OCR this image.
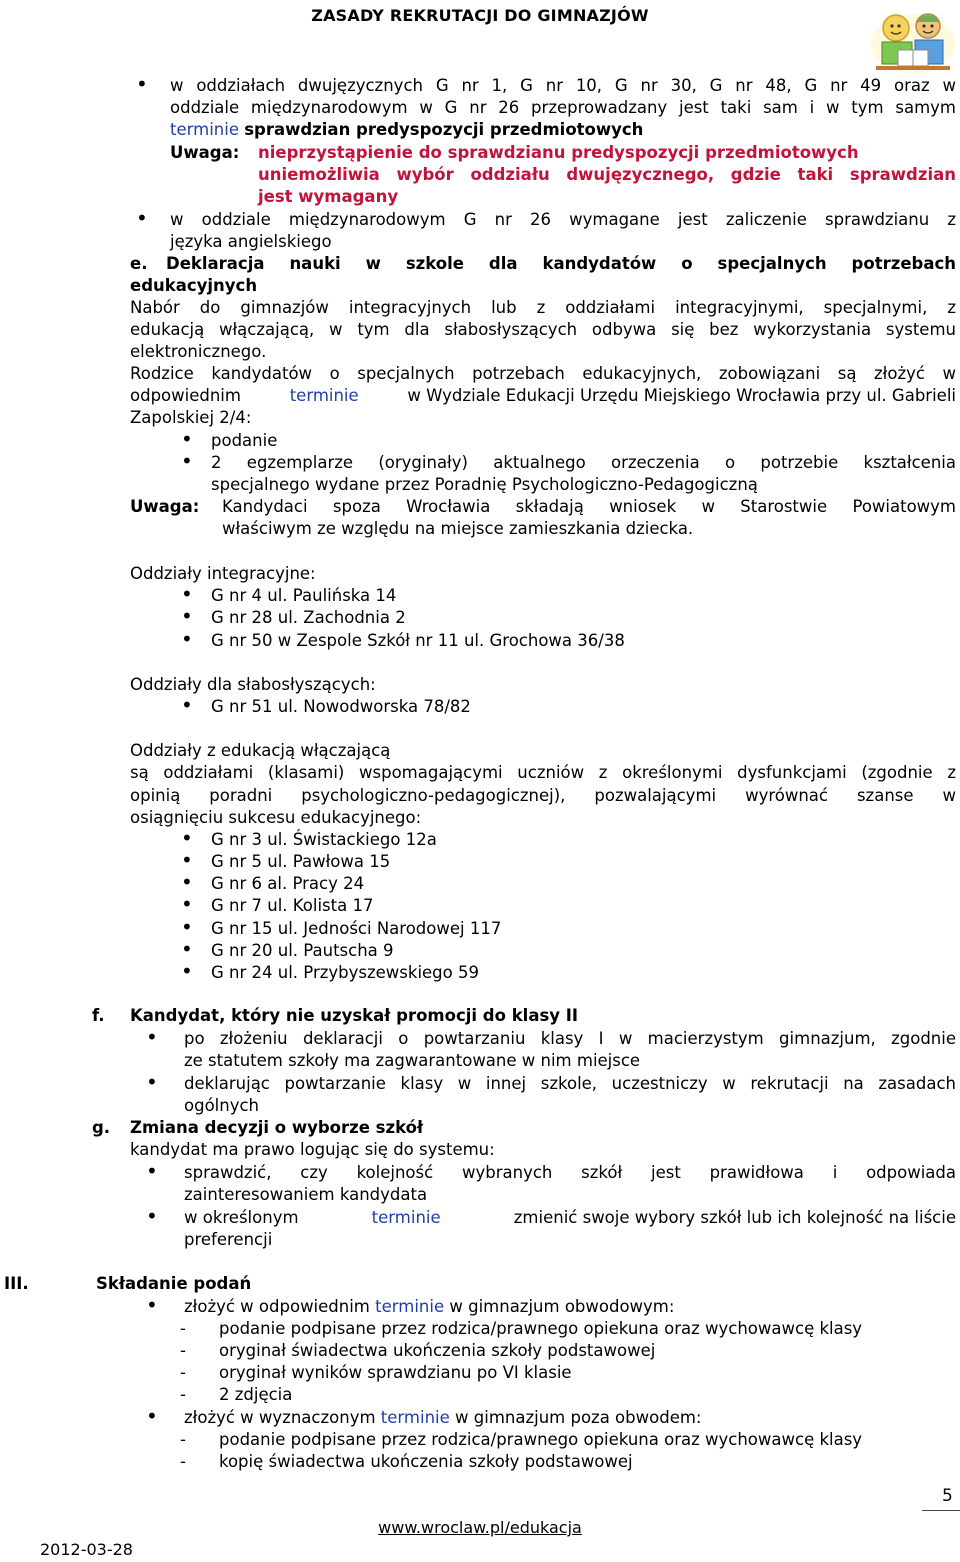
ZASADY REKRUTACJI DO GIMNAZJÓW
• w oddziałach dwujęzycznych G nr 1, G nr 10, G nr 30, G nr 48, G nr 49 oraz w
oddziale międzynarodowym w G nr 26 przeprowadzany jest taki sam i w tym samym
terminie sprawdzian predyspozycji przedmiotowych
Uwaga: nieprzystąpienie do sprawdzianu predyspozycji przedmiotowych
uniemożliwia wybór oddziału dwujęzycznego, gdzie taki sprawdzian
jest wymagany
• w oddziale międzynarodowym G nr 26 wymagane jest zaliczenie sprawdzianu z
języka angielskiego
e. Deklaracja nauki w szkole dla kandydatów o specjalnych potrzebach
edukacyjnych
Nabór do gimnazjów integracyjnych lub z oddziałami integracyjnymi, specjalnymi, z
edukacją włączającą, w tym dla słabosłyszących odbywa się bez wykorzystania systemu
elektronicznego.
Rodzice kandydatów o specjalnych potrzebach edukacyjnych, zobowiązani są złożyć w
odpowiednim	terminie	w Wydziale Edukacji Urzędu Miejskiego Wrocławia przy ul. Gabrieli
Zapolskiej 2/4:
• podanie
• 2 egzemplarze (oryginały) aktualnego orzeczenia o potrzebie kształcenia
specjalnego wydane przez Poradnię Psychologiczno-Pedagogiczną
Uwaga: Kandydaci spoza Wrocławia składają wniosek w Starostwie Powiatowym
właściwym ze względu na miejsce zamieszkania dziecka.
Oddziały integracyjne:
• G nr 4 ul. Paulińska 14
• G nr 28 ul. Zachodnia 2
• G nr 50 w Zespole Szkół nr 11 ul. Grochowa 36/38
Oddziały dla słabosłyszących:
• G nr 51 ul. Nowodworska 78/82
Oddziały z edukacją włączającą
są oddziałami (klasami) wspomagającymi uczniów z określonymi dysfunkcjami (zgodnie z
opinią poradni psychologiczno-pedagogicznej), pozwalającymi wyrównać szanse w
osiągnięciu sukcesu edukacyjnego:
• G nr 3 ul. Świstackiego 12a
• G nr 5 ul. Pawłowa 15
• G nr 6 al. Pracy 24
• G nr 7 ul. Kolista 17
• G nr 15 ul. Jedności Narodowej 117
• G nr 20 ul. Pautscha 9
• G nr 24 ul. Przybyszewskiego 59
f. Kandydat, który nie uzyskał promocji do klasy II
• po złożeniu deklaracji o powtarzaniu klasy I w macierzystym gimnazjum, zgodnie
ze statutem szkoły ma zagwarantowane w nim miejsce
• deklarując powtarzanie klasy w innej szkole, uczestniczy w rekrutacji na zasadach
ogólnych
g. Zmiana decyzji o wyborze szkół
kandydat ma prawo logując się do systemu:
• sprawdzić, czy kolejność wybranych szkół jest prawidłowa i odpowiada
zainteresowaniem kandydata
• w określonym	terminie	zmienić swoje wybory szkół lub ich kolejność na liście
preferencji
III.	Składanie podań
• złożyć w odpowiednim terminie w gimnazjum obwodowym:
- podanie podpisane przez rodzica/prawnego opiekuna oraz wychowawcę klasy
- oryginał świadectwa ukończenia szkoły podstawowej
- oryginał wyników sprawdzianu po VI klasie
- 2 zdjęcia
• złożyć w wyznaczonym terminie w gimnazjum poza obwodem:
- podanie podpisane przez rodzica/prawnego opiekuna oraz wychowawcę klasy
- kopię świadectwa ukończenia szkoły podstawowej
5
www.wroclaw.pl/edukacja
2012-03-28
